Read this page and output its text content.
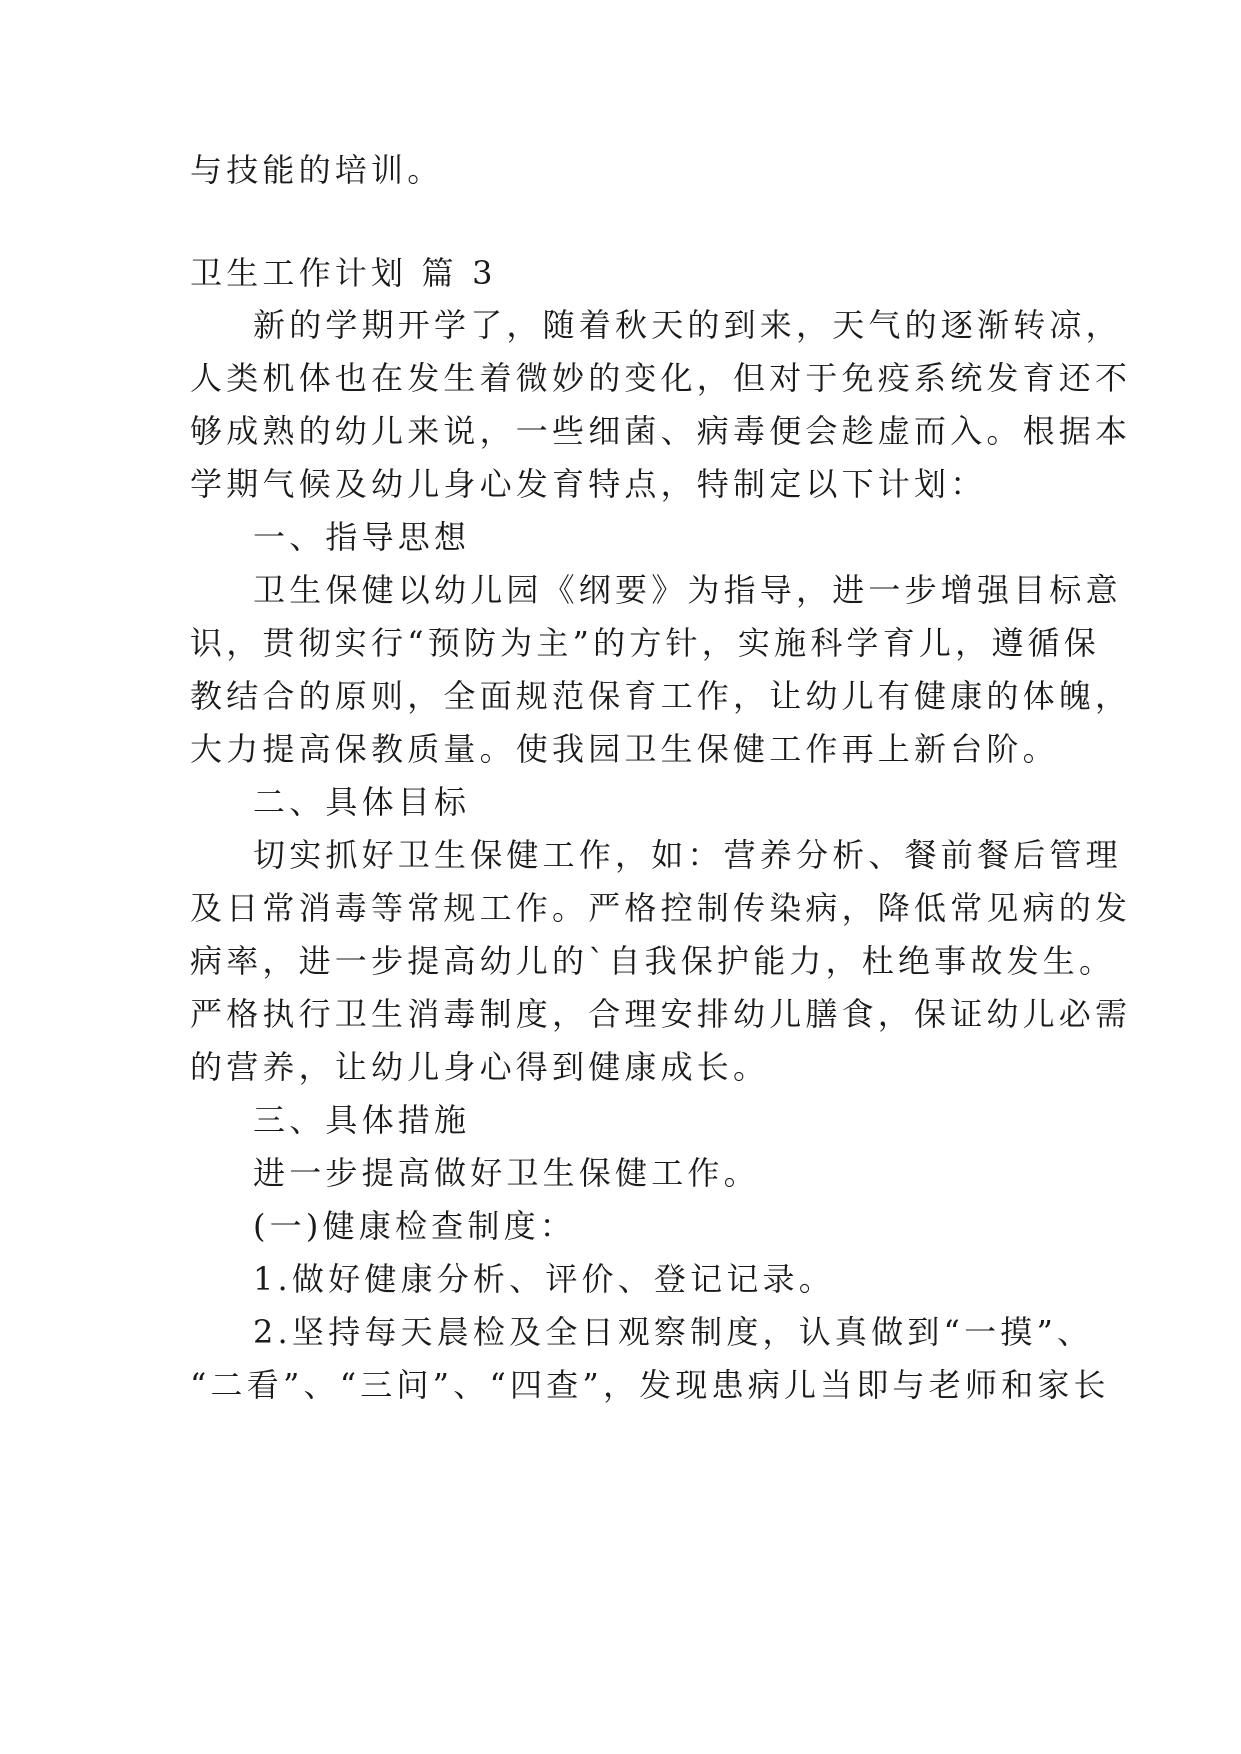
与技能的培训。
卫生工作计划 篇 3
新的学期开学了，随着秋天的到来，天气的逐渐转凉，
人类机体也在发生着微妙的变化，但对于免疫系统发育还不
够成熟的幼儿来说，一些细菌、病毒便会趁虚而入。根据本
学期气候及幼儿身心发育特点，特制定以下计划：
一、指导思想
卫生保健以幼儿园《纲要》为指导，进一步增强目标意
识，贯彻实行“预防为主”的方针，实施科学育儿，遵循保
教结合的原则，全面规范保育工作，让幼儿有健康的体魄，
大力提高保教质量。使我园卫生保健工作再上新台阶。
二、具体目标
切实抓好卫生保健工作，如：营养分析、餐前餐后管理
及日常消毒等常规工作。严格控制传染病，降低常见病的发
病率，进一步提高幼儿的`自我保护能力，杜绝事故发生。
严格执行卫生消毒制度，合理安排幼儿膳食，保证幼儿必需
的营养，让幼儿身心得到健康成长。
三、具体措施
进一步提高做好卫生保健工作。
(一)健康检查制度：
1.做好健康分析、评价、登记记录。
2.坚持每天晨检及全日观察制度，认真做到“一摸”、
“二看”、“三问”、“四查”，发现患病儿当即与老师和家长
